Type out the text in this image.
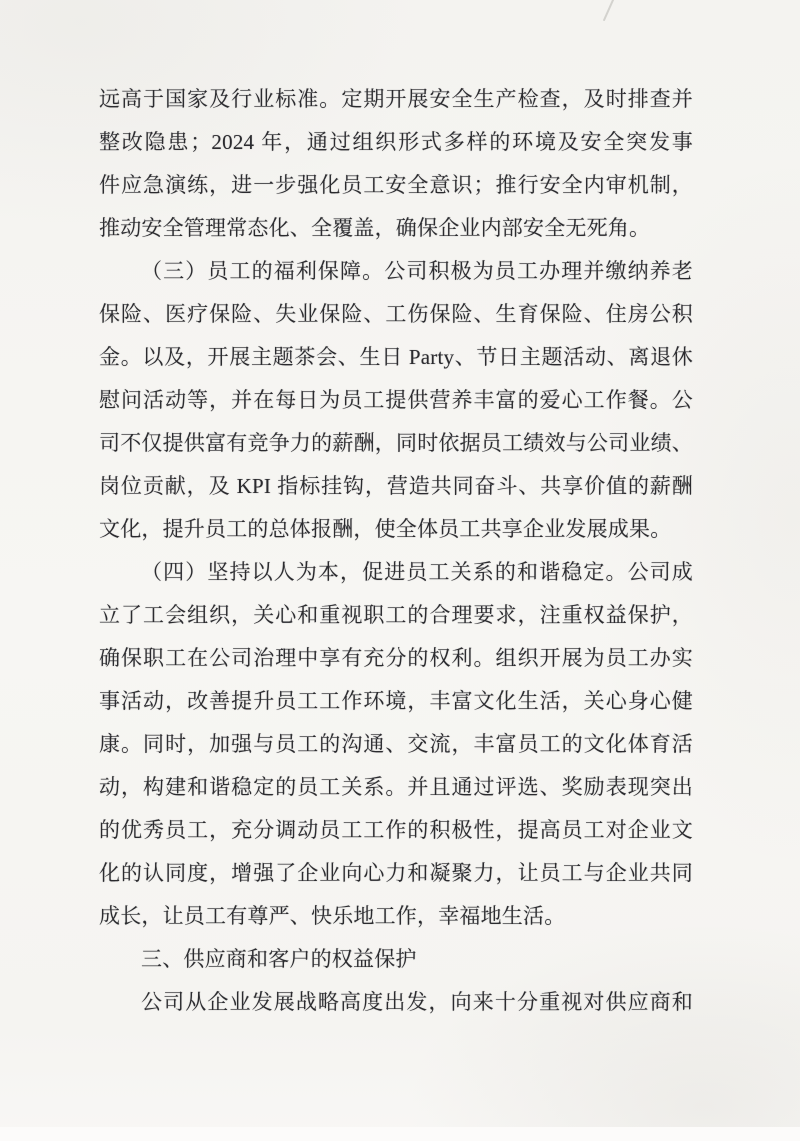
远高于国家及行业标准。定期开展安全生产检查，及时排查并
整改隐患；2024 年，通过组织形式多样的环境及安全突发事
件应急演练，进一步强化员工安全意识；推行安全内审机制，
推动安全管理常态化、全覆盖，确保企业内部安全无死角。
（三）员工的福利保障。公司积极为员工办理并缴纳养老
保险、医疗保险、失业保险、工伤保险、生育保险、住房公积
金。以及，开展主题茶会、生日 Party、节日主题活动、离退休
慰问活动等，并在每日为员工提供营养丰富的爱心工作餐。公
司不仅提供富有竞争力的薪酬，同时依据员工绩效与公司业绩、
岗位贡献，及 KPI 指标挂钩，营造共同奋斗、共享价值的薪酬
文化，提升员工的总体报酬，使全体员工共享企业发展成果。
（四）坚持以人为本，促进员工关系的和谐稳定。公司成
立了工会组织，关心和重视职工的合理要求，注重权益保护，
确保职工在公司治理中享有充分的权利。组织开展为员工办实
事活动，改善提升员工工作环境，丰富文化生活，关心身心健
康。同时，加强与员工的沟通、交流，丰富员工的文化体育活
动，构建和谐稳定的员工关系。并且通过评选、奖励表现突出
的优秀员工，充分调动员工工作的积极性，提高员工对企业文
化的认同度，增强了企业向心力和凝聚力，让员工与企业共同
成长，让员工有尊严、快乐地工作，幸福地生活。
三、供应商和客户的权益保护
公司从企业发展战略高度出发，向来十分重视对供应商和
